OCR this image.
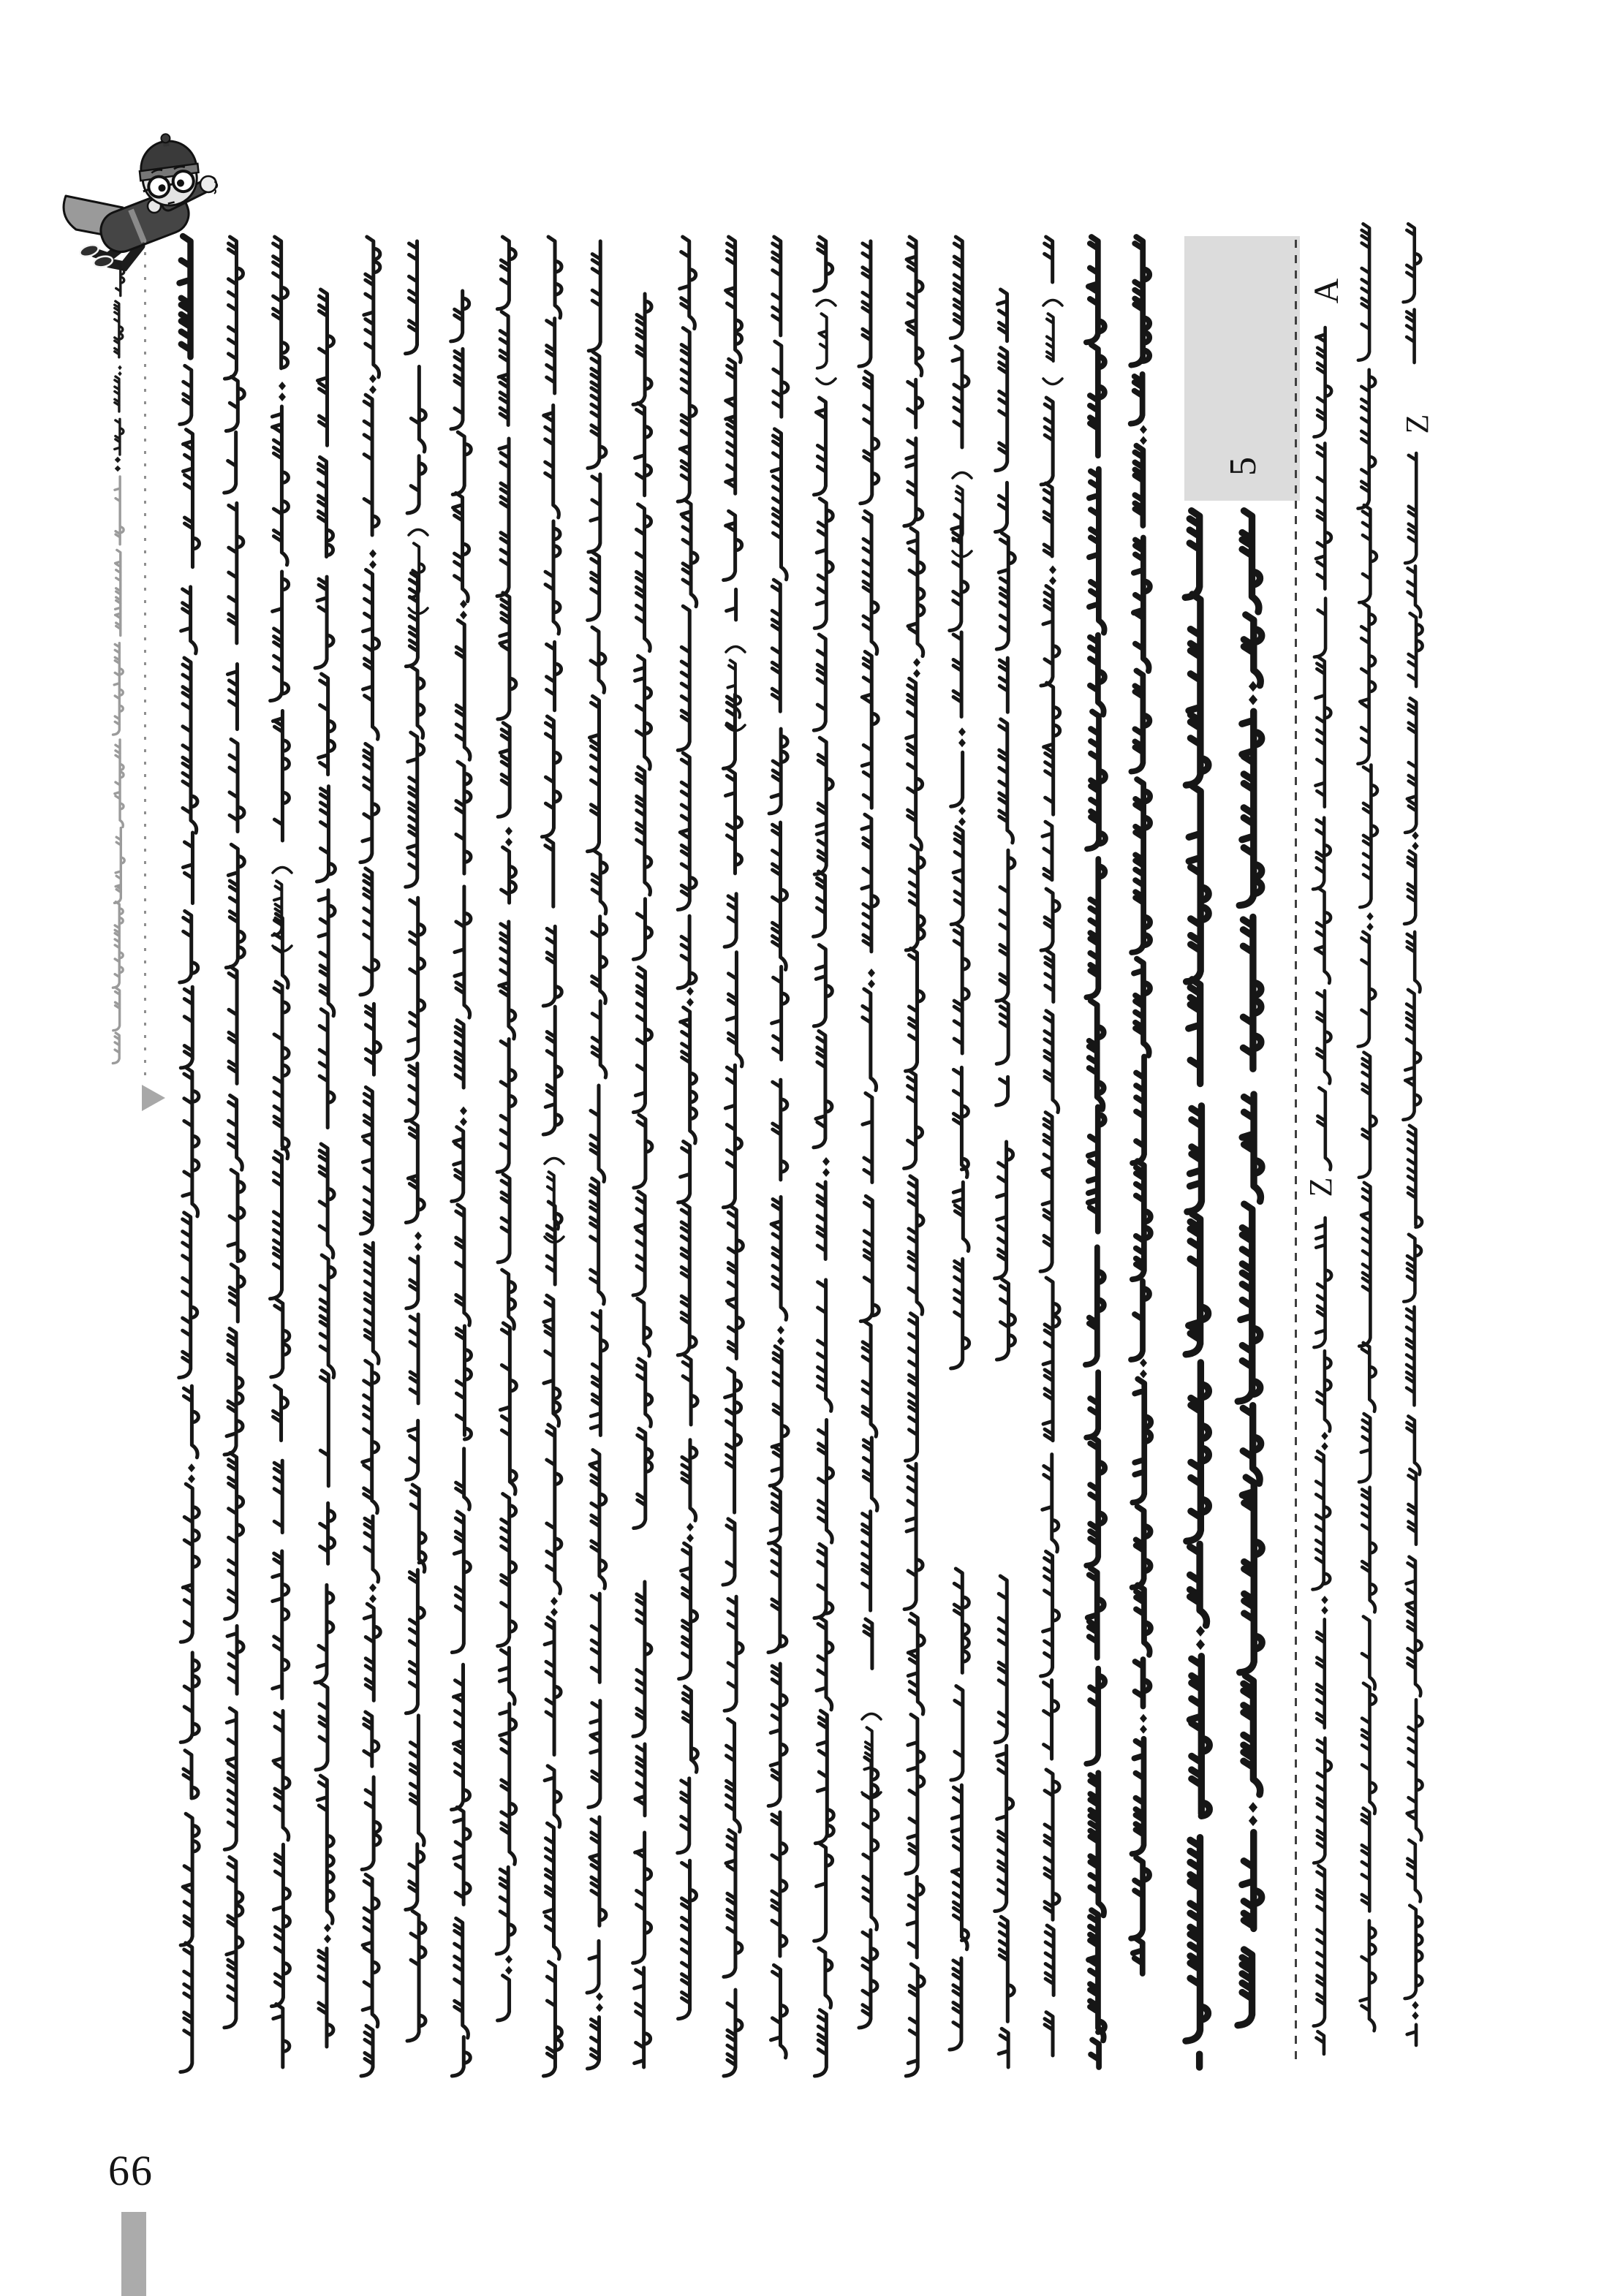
5
A
Z
Z
66
